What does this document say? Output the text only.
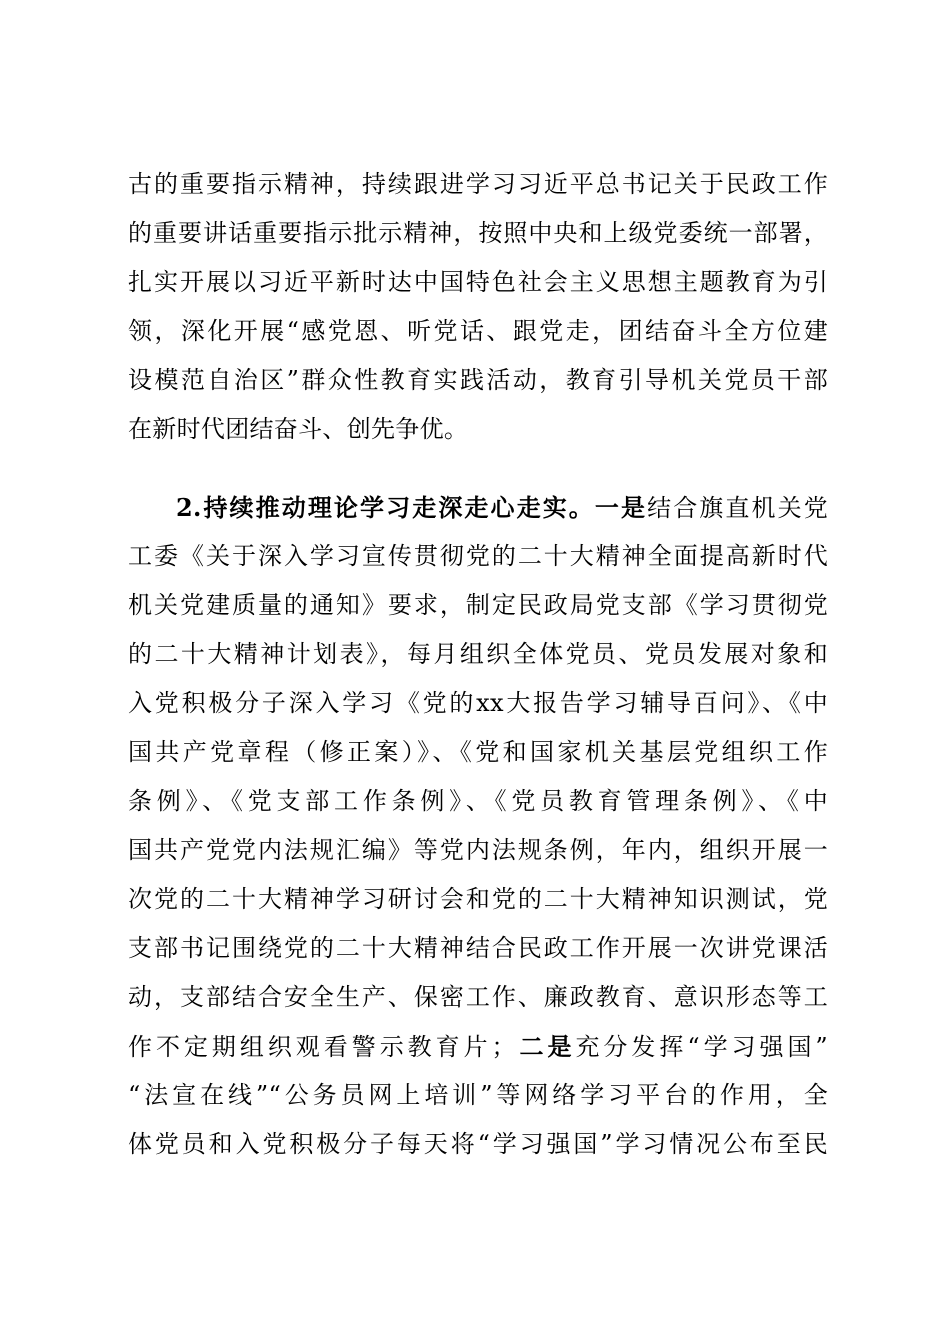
古的重要指示精神，持续跟进学习习近平总书记关于民政工作
的重要讲话重要指示批示精神，按照中央和上级党委统一部署，
扎实开展以习近平新时达中国特色社会主义思想主题教育为引
领，深化开展“感党恩、听党话、跟党走，团结奋斗全方位建
设模范自治区”群众性教育实践活动，教育引导机关党员干部
在新时代团结奋斗、创先争优。
2.持续推动理论学习走深走心走实。一是结合旗直机关党
工委《关于深入学习宣传贯彻党的二十大精神全面提高新时代
机关党建质量的通知》要求，制定民政局党支部《学习贯彻党
的二十大精神计划表》，每月组织全体党员、党员发展对象和
入党积极分子深入学习《党的xx大报告学习辅导百问》、《中
国共产党章程（修正案）》、《党和国家机关基层党组织工作
条例》、《党支部工作条例》、《党员教育管理条例》、《中
国共产党党内法规汇编》等党内法规条例，年内，组织开展一
次党的二十大精神学习研讨会和党的二十大精神知识测试，党
支部书记围绕党的二十大精神结合民政工作开展一次讲党课活
动，支部结合安全生产、保密工作、廉政教育、意识形态等工
作不定期组织观看警示教育片；二是充分发挥“学习强国”
“法宣在线”“公务员网上培训”等网络学习平台的作用，全
体党员和入党积极分子每天将“学习强国”学习情况公布至民
